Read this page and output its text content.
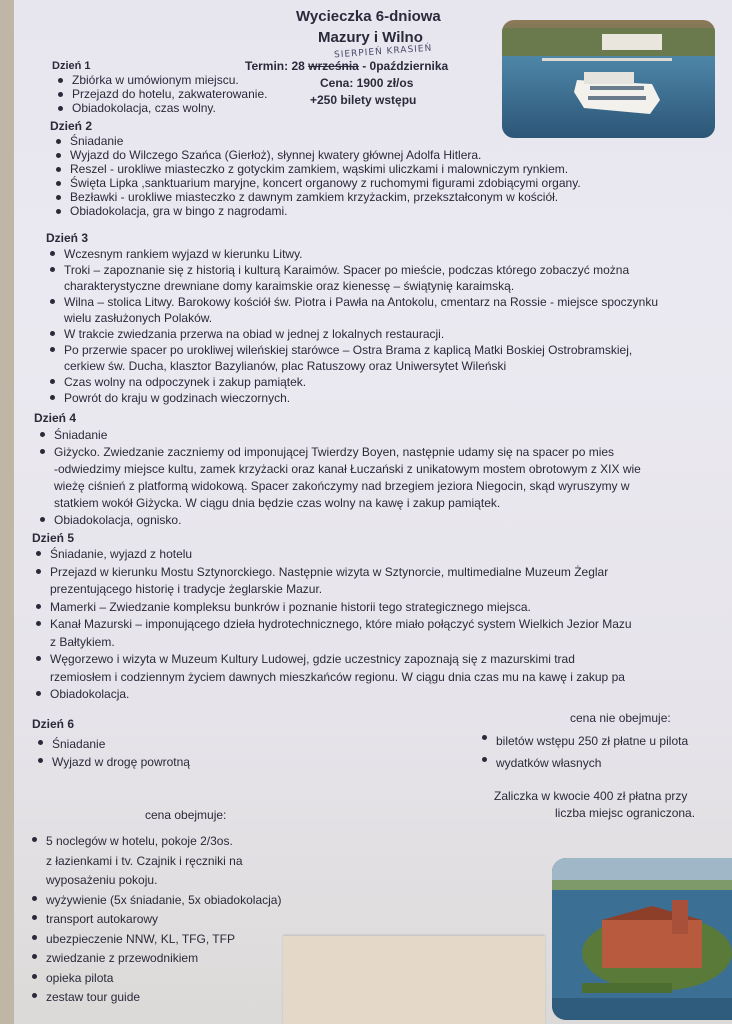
Wycieczka 6-dniowa
Mazury i Wilno
SIERPIEŃ KRASIEŃ
Termin: 28 września - 0października
Cena: 1900 zł/os
+250 bilety wstępu
Dzień 1
Zbiórka w umówionym miejscu.
Przejazd do hotelu, zakwaterowanie.
Obiadokolacja, czas wolny.
Dzień 2
Śniadanie
Wyjazd do Wilczego Szańca (Gierłoż), słynnej kwatery głównej Adolfa Hitlera.
Reszel - urokliwe miasteczko z gotyckim zamkiem, wąskimi uliczkami i malowniczym rynkiem.
Święta Lipka ,sanktuarium maryjne, koncert organowy z ruchomymi figurami zdobiącymi organy.
Bezławki - urokliwe miasteczko z dawnym zamkiem krzyżackim, przekształconym w kościół.
Obiadokolacja, gra w bingo z nagrodami.
Dzień 3
Wczesnym rankiem wyjazd w kierunku Litwy.
Troki – zapoznanie się z historią i kulturą Karaimów. Spacer po mieście, podczas którego zobaczyć można
charakterystyczne drewniane domy karaimskie oraz kienessę – świątynię karaimską.
Wilna – stolica Litwy. Barokowy kościół św. Piotra i Pawła na Antokolu, cmentarz na Rossie - miejsce spoczynku
wielu zasłużonych Polaków.
W trakcie zwiedzania przerwa na obiad w jednej z lokalnych restauracji.
Po przerwie spacer po urokliwej wileńskiej starówce – Ostra Brama z kaplicą Matki Boskiej Ostrobramskiej,
cerkiew św. Ducha, klasztor Bazylianów, plac Ratuszowy oraz Uniwersytet Wileński
Czas wolny na odpoczynek i zakup pamiątek.
Powrót do kraju w godzinach wieczornych.
Dzień 4
Śniadanie
Giżycko. Zwiedzanie zaczniemy od imponującej Twierdzy Boyen, następnie udamy się na spacer po mies
-odwiedzimy miejsce kultu, zamek krzyżacki oraz kanał Łuczański z unikatowym mostem obrotowym z XIX wie
wieżę ciśnień z platformą widokową. Spacer zakończymy nad brzegiem jeziora Niegocin, skąd wyruszymy w
statkiem wokół Giżycka. W ciągu dnia będzie czas wolny na kawę i zakup pamiątek.
Obiadokolacja, ognisko.
Dzień 5
Śniadanie, wyjazd z hotelu
Przejazd w kierunku Mostu Sztynorckiego. Następnie wizyta w Sztynorcie, multimedialne Muzeum Żeglar
prezentującego historię i tradycje żeglarskie Mazur.
Mamerki – Zwiedzanie kompleksu bunkrów i poznanie historii tego strategicznego miejsca.
Kanał Mazurski – imponującego dzieła hydrotechnicznego, które miało połączyć system Wielkich Jezior Mazu
z Bałtykiem.
Węgorzewo i wizyta w Muzeum Kultury Ludowej, gdzie uczestnicy zapoznają się z mazurskimi trad
rzemiosłem i codziennym życiem dawnych mieszkańców regionu. W ciągu dnia czas mu na kawę i zakup pa
Obiadokolacja.
Dzień 6
Śniadanie
Wyjazd w drogę powrotną
cena nie obejmuje:
biletów wstępu 250 zł płatne u pilota
wydatków własnych
Zaliczka w kwocie 400 zł płatna przy
liczba miejsc ograniczona.
cena obejmuje:
5 noclegów w hotelu, pokoje 2/3os.
z łazienkami i tv. Czajnik i ręczniki na
wyposażeniu pokoju.
wyżywienie (5x śniadanie, 5x obiadokolacja)
transport autokarowy
ubezpieczenie NNW, KL, TFG, TFP
zwiedzanie z przewodnikiem
opieka pilota
zestaw tour guide
